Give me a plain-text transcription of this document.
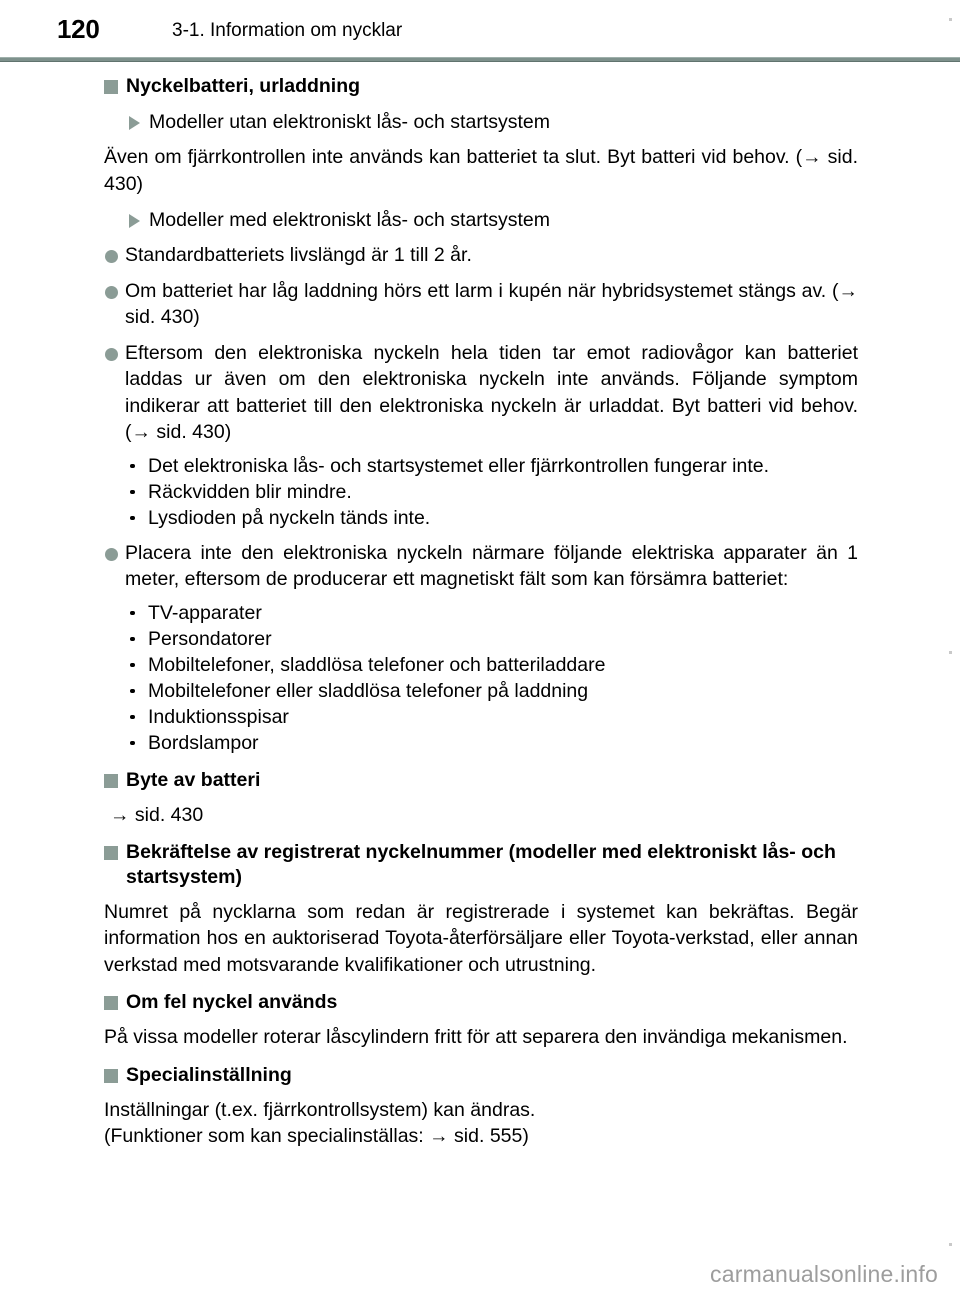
120	3-1. Information om nycklar
Nyckelbatteri, urladdning
Modeller utan elektroniskt lås- och startsystem

Även om fjärrkontrollen inte används kan batteriet ta slut. Byt batteri vid behov. (→ sid. 430)

Modeller med elektroniskt lås- och startsystem
Standardbatteriets livslängd är 1 till 2 år.
Om batteriet har låg laddning hörs ett larm i kupén när hybridsystemet stängs av. (→ sid. 430)
Eftersom den elektroniska nyckeln hela tiden tar emot radiovågor kan batteriet laddas ur även om den elektroniska nyckeln inte används. Följande symptom indikerar att batteriet till den elektroniska nyckeln är urladdat. Byt batteri vid behov. (→ sid. 430)
Det elektroniska lås- och startsystemet eller fjärrkontrollen fungerar inte.
Räckvidden blir mindre.
Lysdioden på nyckeln tänds inte.
Placera inte den elektroniska nyckeln närmare följande elektriska apparater än 1 meter, eftersom de producerar ett magnetiskt fält som kan försämra batteriet:
TV-apparater
Persondatorer
Mobiltelefoner, sladdlösa telefoner och batteriladdare
Mobiltelefoner eller sladdlösa telefoner på laddning
Induktionsspisar
Bordslampor
Byte av batteri
→ sid. 430
Bekräftelse av registrerat nyckelnummer (modeller med elektroniskt lås- och startsystem)

Numret på nycklarna som redan är registrerade i systemet kan bekräftas. Begär information hos en auktoriserad Toyota-återförsäljare eller Toyota-verkstad, eller annan verkstad med motsvarande kvalifikationer och utrustning.

Om fel nyckel används

På vissa modeller roterar låscylindern fritt för att separera den invändiga mekanismen.

Specialinställning

Inställningar (t.ex. fjärrkontrollsystem) kan ändras.

(Funktioner som kan specialinställas: → sid. 555)

carmanualsonline.info
